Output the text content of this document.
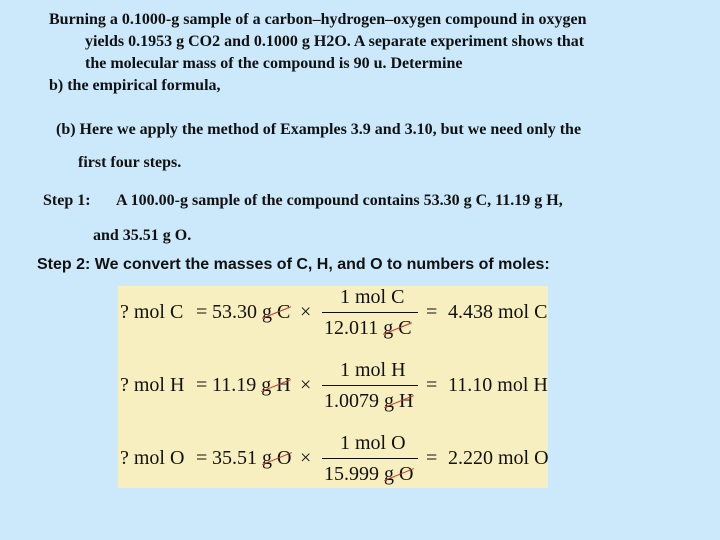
Burning a 0.1000-g sample of a carbon–hydrogen–oxygen compound in oxygen
yields 0.1953 g CO2 and 0.1000 g H2O. A separate experiment shows that
the molecular mass of the compound is 90 u. Determine
b) the empirical formula,
(b) Here we apply the method of Examples 3.9 and 3.10, but we need only the
first four steps.
Step 1: A 100.00-g sample of the compound contains 53.30 g C, 11.19 g H,
and 35.51 g O.
Step 2: We convert the masses of C, H, and O to numbers of moles:
? mol C = 53.30 g C ×
1 mol C
12.011 g C
= 4.438 mol C
? mol H = 11.19 g H ×
1 mol H
1.0079 g H
= 11.10 mol H
? mol O = 35.51 g O ×
1 mol O
15.999 g O
= 2.220 mol O
